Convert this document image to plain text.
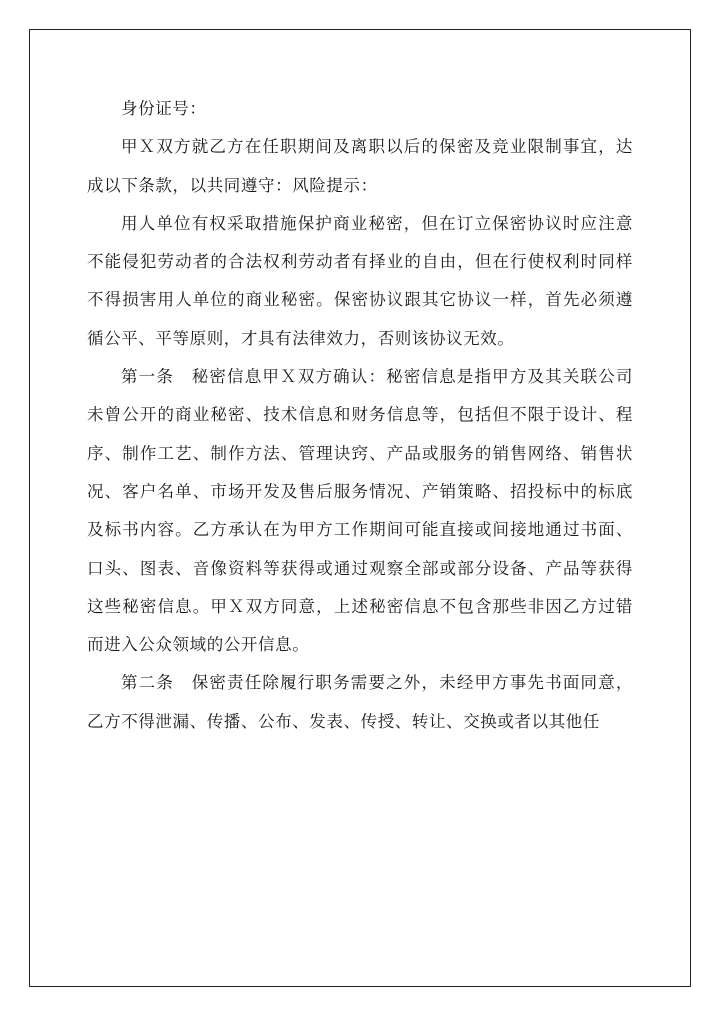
身份证号：

甲Ｘ双方就乙方在任职期间及离职以后的保密及竞业限制事宜，达成以下条款，以共同遵守：风险提示：

用人单位有权采取措施保护商业秘密，但在订立保密协议时应注意不能侵犯劳动者的合法权利劳动者有择业的自由，但在行使权利时同样不得损害用人单位的商业秘密。保密协议跟其它协议一样，首先必须遵循公平、平等原则，才具有法律效力，否则该协议无效。

第一条　秘密信息甲Ｘ双方确认：秘密信息是指甲方及其关联公司未曾公开的商业秘密、技术信息和财务信息等，包括但不限于设计、程序、制作工艺、制作方法、管理诀窍、产品或服务的销售网络、销售状况、客户名单、市场开发及售后服务情况、产销策略、招投标中的标底及标书内容。乙方承认在为甲方工作期间可能直接或间接地通过书面、口头、图表、音像资料等获得或通过观察全部或部分设备、产品等获得这些秘密信息。甲Ｘ双方同意，上述秘密信息不包含那些非因乙方过错而进入公众领域的公开信息。

第二条　保密责任除履行职务需要之外，未经甲方事先书面同意，乙方不得泄漏、传播、公布、发表、传授、转让、交换或者以其他任
